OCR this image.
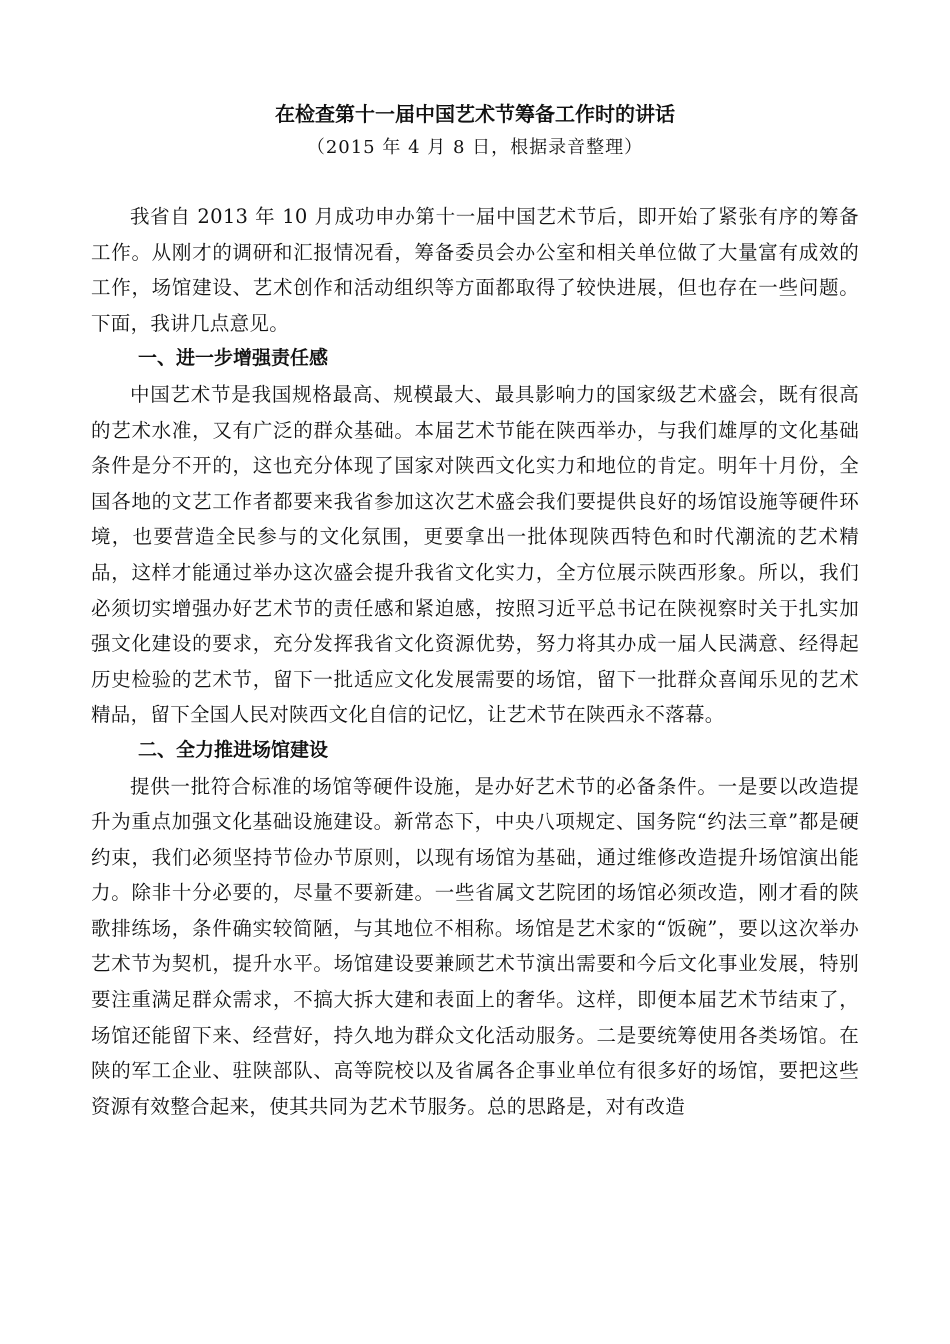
在检查第十一届中国艺术节筹备工作时的讲话
（2015 年 4 月 8 日，根据录音整理）

我省自 2013 年 10 月成功申办第十一届中国艺术节后，即开始了紧张有序的筹备工作。从刚才的调研和汇报情况看，筹备委员会办公室和相关单位做了大量富有成效的工作，场馆建设、艺术创作和活动组织等方面都取得了较快进展，但也存在一些问题。下面，我讲几点意见。

一、进一步增强责任感

中国艺术节是我国规格最高、规模最大、最具影响力的国家级艺术盛会，既有很高的艺术水准，又有广泛的群众基础。本届艺术节能在陕西举办，与我们雄厚的文化基础条件是分不开的，这也充分体现了国家对陕西文化实力和地位的肯定。明年十月份，全国各地的文艺工作者都要来我省参加这次艺术盛会我们要提供良好的场馆设施等硬件环境，也要营造全民参与的文化氛围，更要拿出一批体现陕西特色和时代潮流的艺术精品，这样才能通过举办这次盛会提升我省文化实力，全方位展示陕西形象。所以，我们必须切实增强办好艺术节的责任感和紧迫感，按照习近平总书记在陕视察时关于扎实加强文化建设的要求，充分发挥我省文化资源优势，努力将其办成一届人民满意、经得起历史检验的艺术节，留下一批适应文化发展需要的场馆，留下一批群众喜闻乐见的艺术精品，留下全国人民对陕西文化自信的记忆，让艺术节在陕西永不落幕。

二、全力推进场馆建设

提供一批符合标准的场馆等硬件设施，是办好艺术节的必备条件。一是要以改造提升为重点加强文化基础设施建设。新常态下，中央八项规定、国务院“约法三章”都是硬约束，我们必须坚持节俭办节原则，以现有场馆为基础，通过维修改造提升场馆演出能力。除非十分必要的，尽量不要新建。一些省属文艺院团的场馆必须改造，刚才看的陕歌排练场，条件确实较简陋，与其地位不相称。场馆是艺术家的“饭碗”，要以这次举办艺术节为契机，提升水平。场馆建设要兼顾艺术节演出需要和今后文化事业发展，特别要注重满足群众需求，不搞大拆大建和表面上的奢华。这样，即便本届艺术节结束了，场馆还能留下来、经营好，持久地为群众文化活动服务。二是要统筹使用各类场馆。在陕的军工企业、驻陕部队、高等院校以及省属各企事业单位有很多好的场馆，要把这些资源有效整合起来，使其共同为艺术节服务。总的思路是，对有改造
